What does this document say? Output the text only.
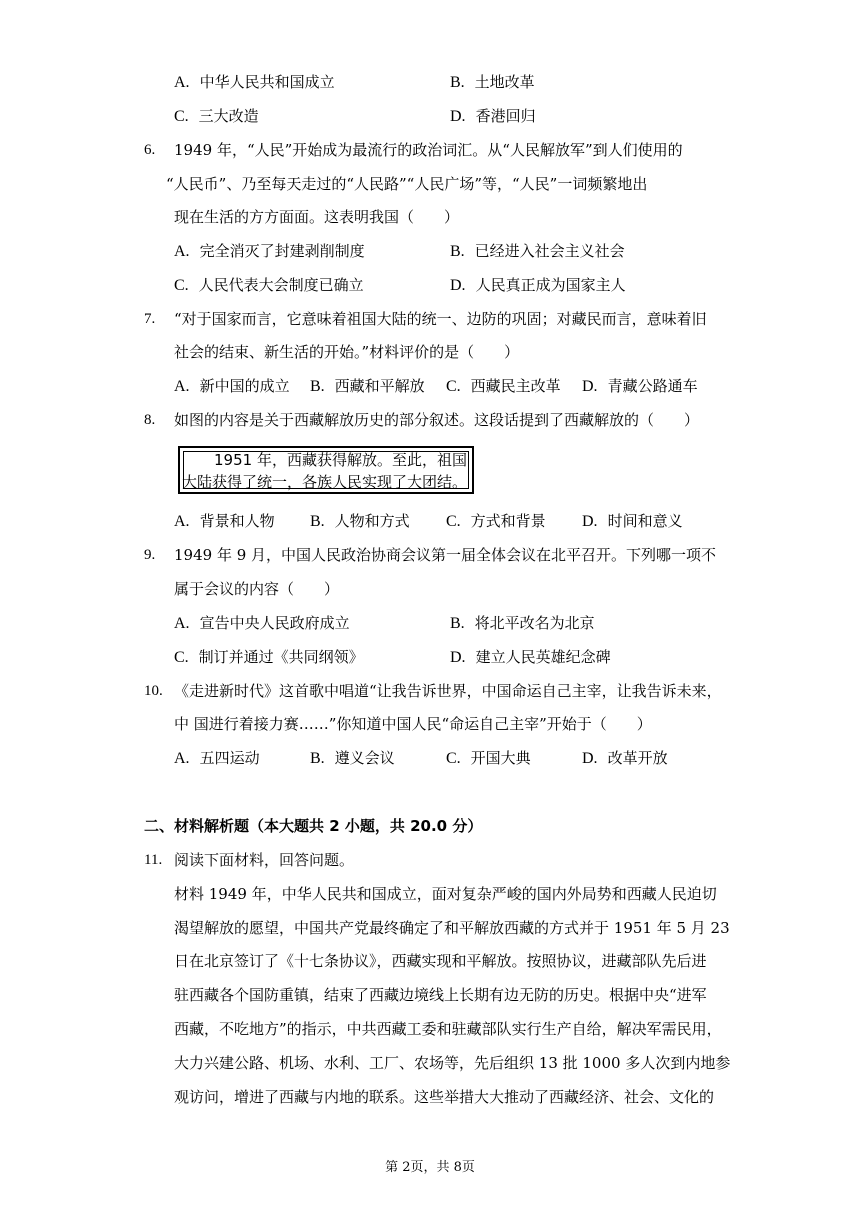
A. 中华人民共和国成立	B. 土地改革
C. 三大改造	D. 香港回归
6. 1949 年，“人民”开始成为最流行的政治词汇。从“人民解放军”到人们使用的
“人民币”、乃至每天走过的“人民路”“人民广场”等，“人民”一词频繁地出
现在生活的方方面面。这表明我国（　　）
A. 完全消灭了封建剥削制度	B. 已经进入社会主义社会
C. 人民代表大会制度已确立	D. 人民真正成为国家主人
7. “对于国家而言，它意味着祖国大陆的统一、边防的巩固；对藏民而言，意味着旧
社会的结束、新生活的开始。”材料评价的是（　　）
A. 新中国的成立 B. 西藏和平解放 C. 西藏民主改革 D. 青藏公路通车
8. 如图的内容是关于西藏解放历史的部分叙述。这段话提到了西藏解放的（　　）
1951 年，西藏获得解放。至此，祖国
大陆获得了统一，各族人民实现了大团结。
A. 背景和人物 B. 人物和方式 C. 方式和背景 D. 时间和意义
9. 1949 年 9 月，中国人民政治协商会议第一届全体会议在北平召开。下列哪一项不
属于会议的内容（　　）
A. 宣告中央人民政府成立	B. 将北平改名为北京
C. 制订并通过《共同纲领》	D. 建立人民英雄纪念碑
10. 《走进新时代》这首歌中唱道“让我告诉世界，中国命运自己主宰，让我告诉未来，
中 国进行着接力赛……”你知道中国人民“命运自己主宰”开始于（　　）
A. 五四运动	B. 遵义会议	C. 开国大典	D. 改革开放
二、材料解析题（本大题共 2 小题，共 20.0 分）
11. 阅读下面材料，回答问题。
材料 1949 年，中华人民共和国成立，面对复杂严峻的国内外局势和西藏人民迫切
渴望解放的愿望，中国共产党最终确定了和平解放西藏的方式并于 1951 年 5 月 23
日在北京签订了《十七条协议》，西藏实现和平解放。按照协议，进藏部队先后进
驻西藏各个国防重镇，结束了西藏边境线上长期有边无防的历史。根据中央“进军
西藏，不吃地方”的指示，中共西藏工委和驻藏部队实行生产自给，解决军需民用，
大力兴建公路、机场、水利、工厂、农场等，先后组织 13 批 1000 多人次到内地参
观访问，增进了西藏与内地的联系。这些举措大大推动了西藏经济、社会、文化的
第 2页，共 8页
